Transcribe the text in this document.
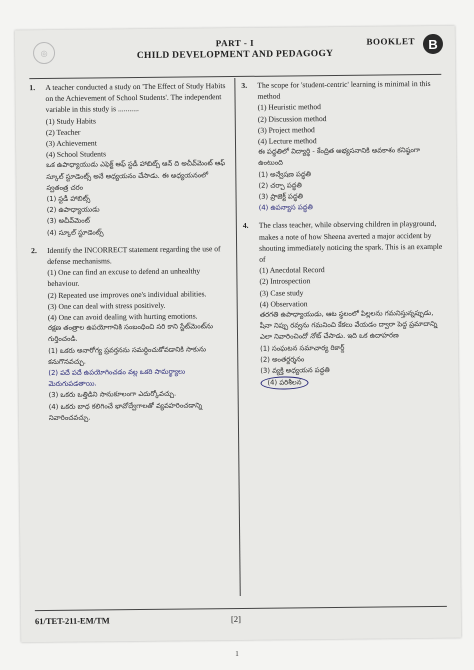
◎
PART - I
CHILD DEVELOPMENT AND PEDAGOGY
BOOKLET	B
1.	A teacher conducted a study on 'The Effect of Study Habits on the Achievement of School Students'. The independent variable in this study is ...........
(1) Study Habits
(2) Teacher
(3) Achievement
(4) School Students
ఒక ఉపాధ్యాయుడు ఎఫెక్ట్ ఆఫ్ స్టడీ హాబిట్స్ ఆన్ ది అచీవ్‌మెంట్ ఆఫ్ స్కూల్ స్టూడెంట్స్ అనే అధ్యయనం చేసాడు. ఈ అధ్యయనంలో స్వతంత్ర చరం
(1) స్టడీ హాబిట్స్
(2) ఉపాధ్యాయుడు
(3) అచీవ్‌మెంట్
(4) స్కూల్ స్టూడెంట్స్
2.	Identify the INCORRECT statement regarding the use of defense mechanisms.
(1) One can find an excuse to defend an unhealthy behaviour.
(2) Repeated use improves one's individual abilities.
(3) One can deal with stress positively.
(4) One can avoid dealing with hurting emotions.
రక్షణ తంత్రాల ఉపయోగానికి సంబంధించి సరి కాని స్టేట్‌మెంట్‌ను గుర్తించండి.
(1) ఒకరు అనారోగ్య ప్రవర్తనను సమర్థించుకోవడానికి సాకును కనుగొనవచ్చు.
(2) పదే పదే ఉపయోగించడం వల్ల ఒకరి సామర్థ్యాలు మెరుగుపడతాయి.
(3) ఒకరు ఒత్తిడిని సానుకూలంగా ఎదుర్కోవచ్చు.
(4) ఒకరు బాధ కలిగించే భావోద్వేగాలతో వ్యవహరించడాన్ని నివారించవచ్చు.
3.	The scope for 'student-centric' learning is minimal in this method
(1) Heuristic method
(2) Discussion method
(3) Project method
(4) Lecture method
ఈ పద్ధతిలో విద్యార్థి - కేంద్రిత అభ్యసనానికి అవకాశం కనిష్ఠంగా ఉంటుంది
(1) అన్వేషణ పద్ధతి
(2) చర్చా పద్ధతి
(3) ప్రాజెక్ట్ పద్ధతి
(4) ఉపన్యాస పద్ధతి
4.	The class teacher, while observing children in playground, makes a note of how Sheena averted a major accident by shouting immediately noticing the spark. This is an example of
(1) Anecdotal Record
(2) Introspection
(3) Case study
(4) Observation
తరగతి ఉపాధ్యాయుడు, ఆట స్థలంలో పిల్లలను గమనిస్తున్నప్పుడు, షీనా నిప్పు రవ్వను గమనించి కేకలు వేయడం ద్వారా పెద్ద ప్రమాదాన్ని ఎలా నివారించిందో నోట్ చేసాడు. ఇది ఒక ఉదాహరణ
(1) సంఘటన సమాచార్య రికార్డ్
(2) అంతర్దర్శనం
(3) వ్యక్తి అధ్యయన పద్ధతి
(4) పరిశీలన
61/TET-211-EM/TM	[2]
1
